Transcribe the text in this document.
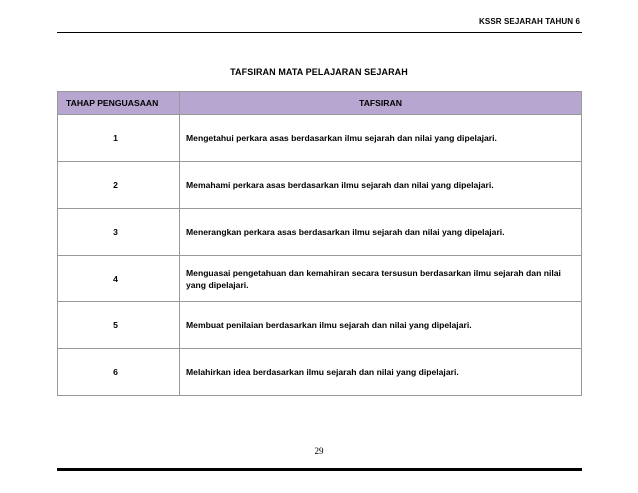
KSSR SEJARAH TAHUN 6
TAFSIRAN MATA PELAJARAN SEJARAH
TAHAP PENGUASAAN	TAFSIRAN
1	Mengetahui perkara asas berdasarkan ilmu sejarah dan nilai yang dipelajari.
2	Memahami perkara asas berdasarkan ilmu sejarah dan nilai yang dipelajari.
3	Menerangkan perkara asas berdasarkan ilmu sejarah dan nilai yang dipelajari.
4	Menguasai pengetahuan dan kemahiran secara tersusun berdasarkan ilmu sejarah dan nilai yang dipelajari.
5	Membuat penilaian berdasarkan ilmu sejarah dan nilai yang dipelajari.
6	Melahirkan idea berdasarkan ilmu sejarah dan nilai yang dipelajari.
29
